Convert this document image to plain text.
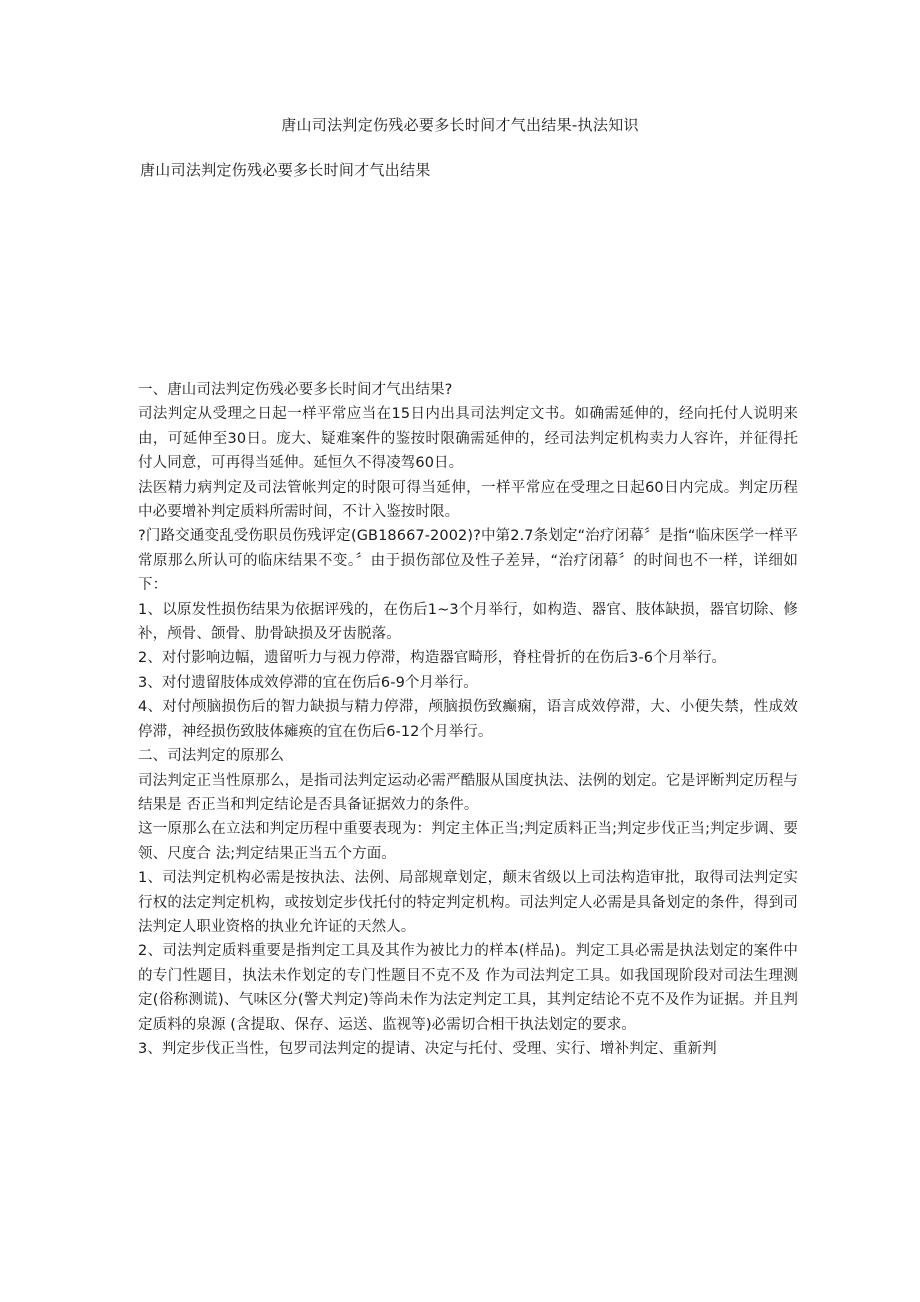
唐山司法判定伤残必要多长时间才气出结果-执法知识
唐山司法判定伤残必要多长时间才气出结果

一、唐山司法判定伤残必要多长时间才气出结果?

司法判定从受理之日起一样平常应当在15日内出具司法判定文书。如确需延伸的，经向托付人说明来由，可延伸至30日。庞大、疑难案件的鉴按时限确需延伸的，经司法判定机构卖力人容许，并征得托付人同意，可再得当延伸。延恒久不得凌驾60日。

法医精力病判定及司法管帐判定的时限可得当延伸，一样平常应在受理之日起60日内完成。判定历程中必要增补判定质料所需时间，不计入鉴按时限。

?门路交通变乱受伤职员伤残评定(GB18667-2002)?中第2.7条划定“治疗闭幕〞是指“临床医学一样平常原那么所认可的临床结果不变。〞由于损伤部位及性子差异，“治疗闭幕〞的时间也不一样，详细如下：

1、以原发性损伤结果为依据评残的，在伤后1~3个月举行，如构造、器官、肢体缺损，器官切除、修补，颅骨、颌骨、肋骨缺损及牙齿脱落。

2、对付影响边幅，遗留听力与视力停滞，构造器官畸形，脊柱骨折的在伤后3-6个月举行。

3、对付遗留肢体成效停滞的宜在伤后6-9个月举行。

4、对付颅脑损伤后的智力缺损与精力停滞，颅脑损伤致癫痫，语言成效停滞，大、小便失禁，性成效停滞，神经损伤致肢体瘫痪的宜在伤后6-12个月举行。

二、司法判定的原那么

司法判定正当性原那么，是指司法判定运动必需严酷服从国度执法、法例的划定。它是评断判定历程与结果是 否正当和判定结论是否具备证据效力的条件。

这一原那么在立法和判定历程中重要表现为：判定主体正当;判定质料正当;判定步伐正当;判定步调、要领、尺度合 法;判定结果正当五个方面。

1、司法判定机构必需是按执法、法例、局部规章划定，颠末省级以上司法构造审批，取得司法判定实行权的法定判定机构，或按划定步伐托付的特定判定机构。司法判定人必需是具备划定的条件，得到司法判定人职业资格的执业允许证的天然人。

2、司法判定质料重要是指判定工具及其作为被比力的样本(样品)。判定工具必需是执法划定的案件中的专门性题目，执法未作划定的专门性题目不克不及 作为司法判定工具。如我国现阶段对司法生理测定(俗称测谎)、气味区分(警犬判定)等尚未作为法定判定工具，其判定结论不克不及作为证据。并且判定质料的泉源 (含提取、保存、运送、监视等)必需切合相干执法划定的要求。

3、判定步伐正当性，包罗司法判定的提请、决定与托付、受理、实行、增补判定、重新判
